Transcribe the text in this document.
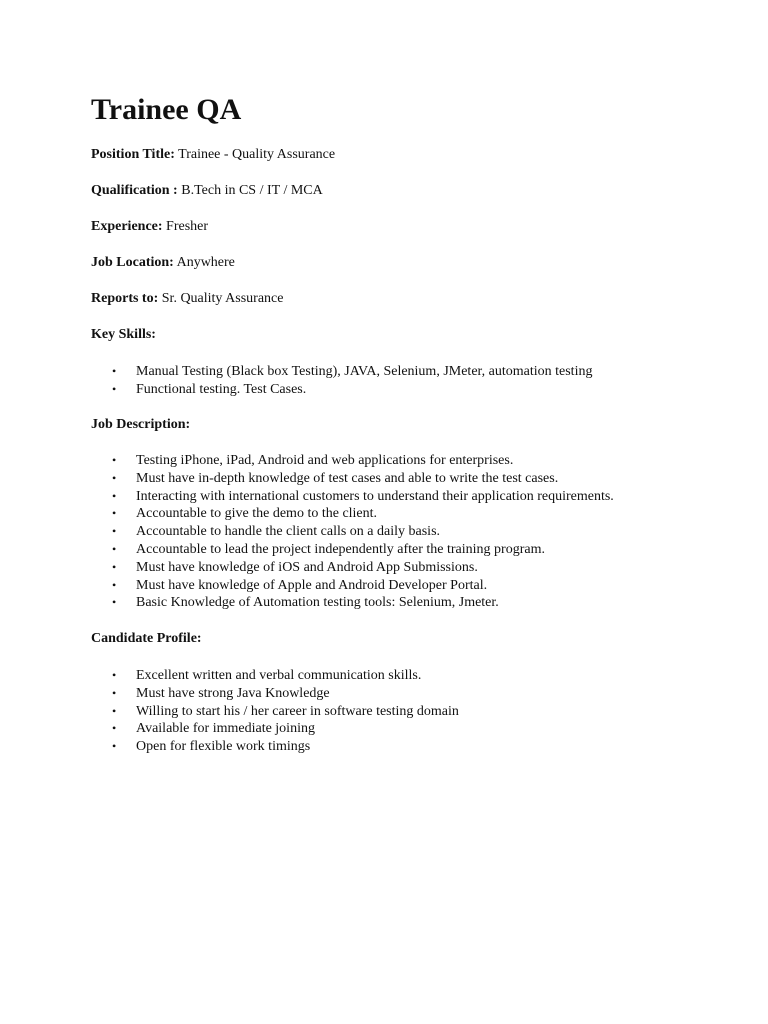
Trainee QA

Position Title: Trainee - Quality Assurance

Qualification : B.Tech in CS / IT / MCA

Experience: Fresher

Job Location: Anywhere

Reports to: Sr. Quality Assurance

Key Skills:

• Manual Testing (Black box Testing), JAVA, Selenium, JMeter, automation testing
• Functional testing. Test Cases.

Job Description:

• Testing iPhone, iPad, Android and web applications for enterprises.
• Must have in-depth knowledge of test cases and able to write the test cases.
• Interacting with international customers to understand their application requirements.
• Accountable to give the demo to the client.
• Accountable to handle the client calls on a daily basis.
• Accountable to lead the project independently after the training program.
• Must have knowledge of iOS and Android App Submissions.
• Must have knowledge of Apple and Android Developer Portal.
• Basic Knowledge of Automation testing tools: Selenium, Jmeter.

Candidate Profile:

• Excellent written and verbal communication skills.
• Must have strong Java Knowledge
• Willing to start his / her career in software testing domain
• Available for immediate joining
• Open for flexible work timings
